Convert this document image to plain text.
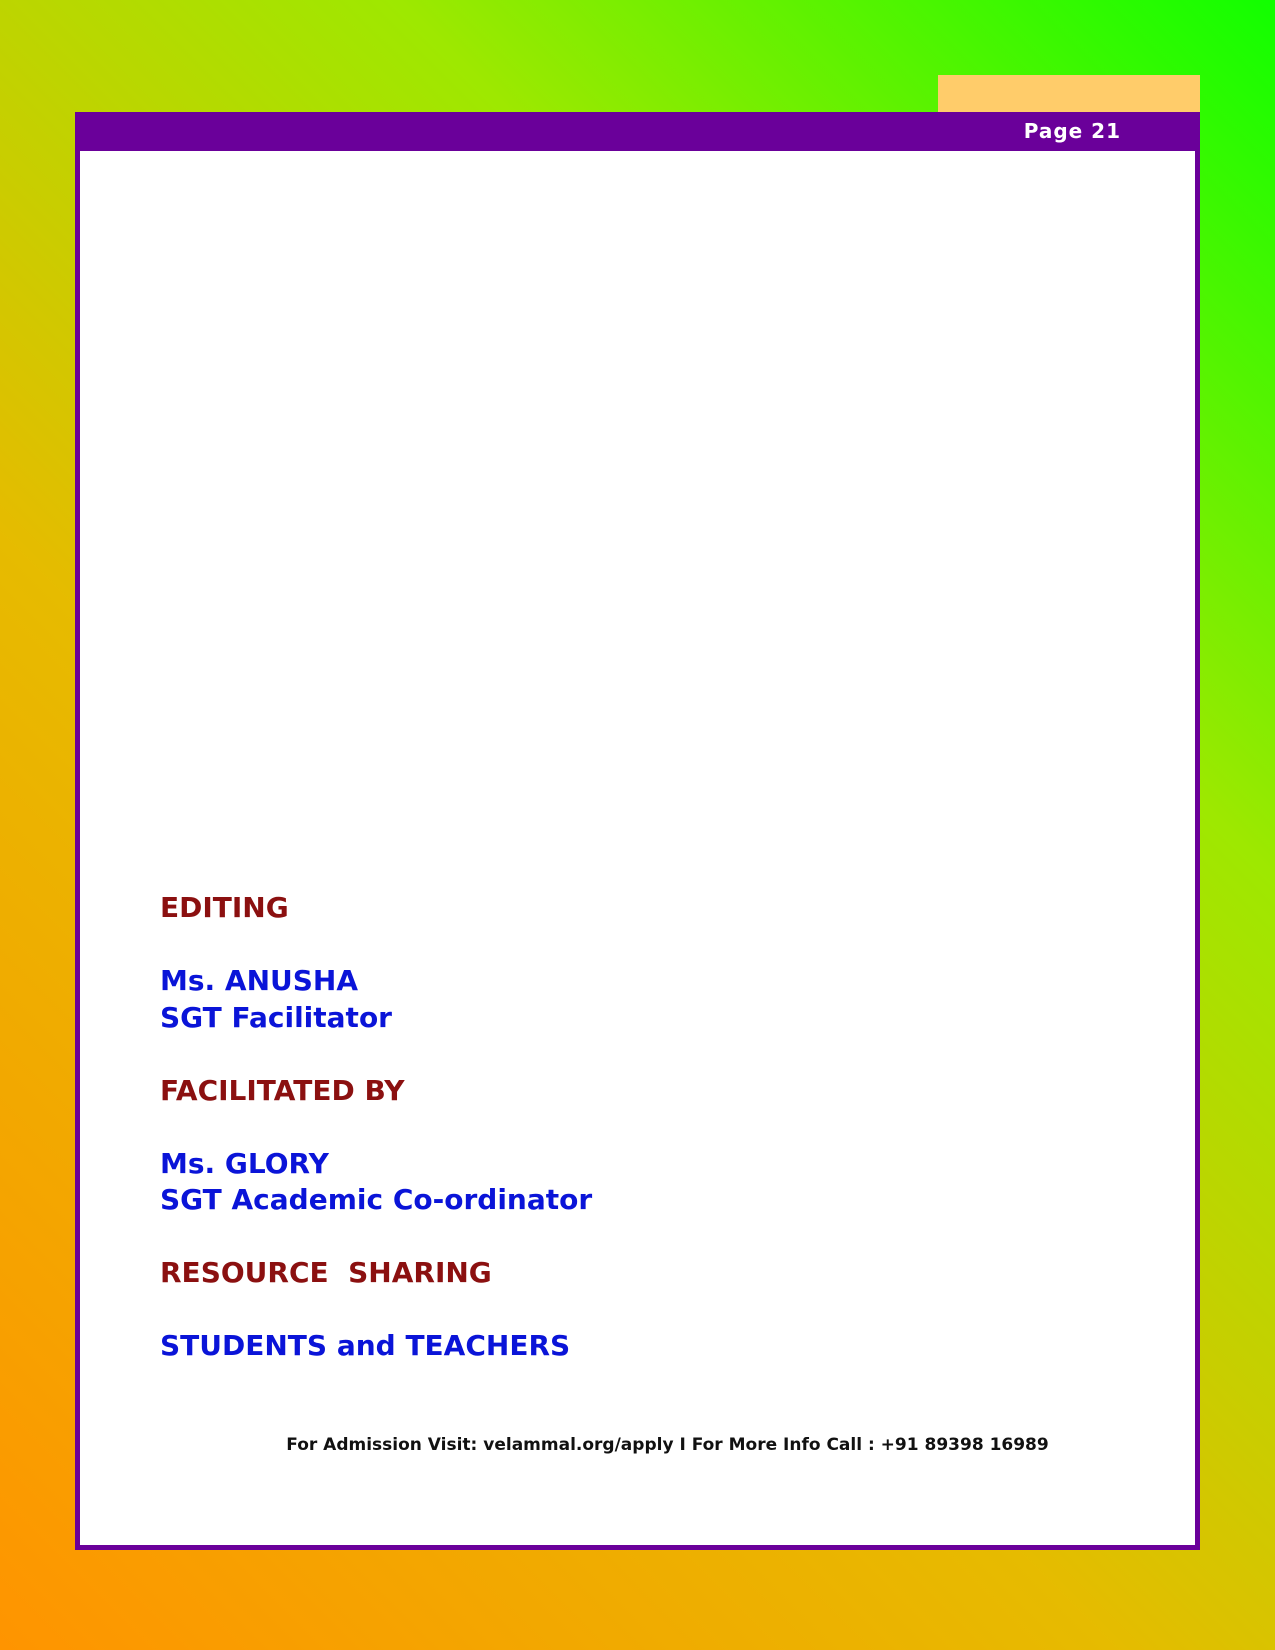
Page 21

EDITING

Ms. ANUSHA

SGT Facilitator

FACILITATED BY

Ms. GLORY

SGT Academic Co-ordinator

RESOURCE  SHARING

STUDENTS and TEACHERS

For Admission Visit: velammal.org/apply I For More Info Call : +91 89398 16989
